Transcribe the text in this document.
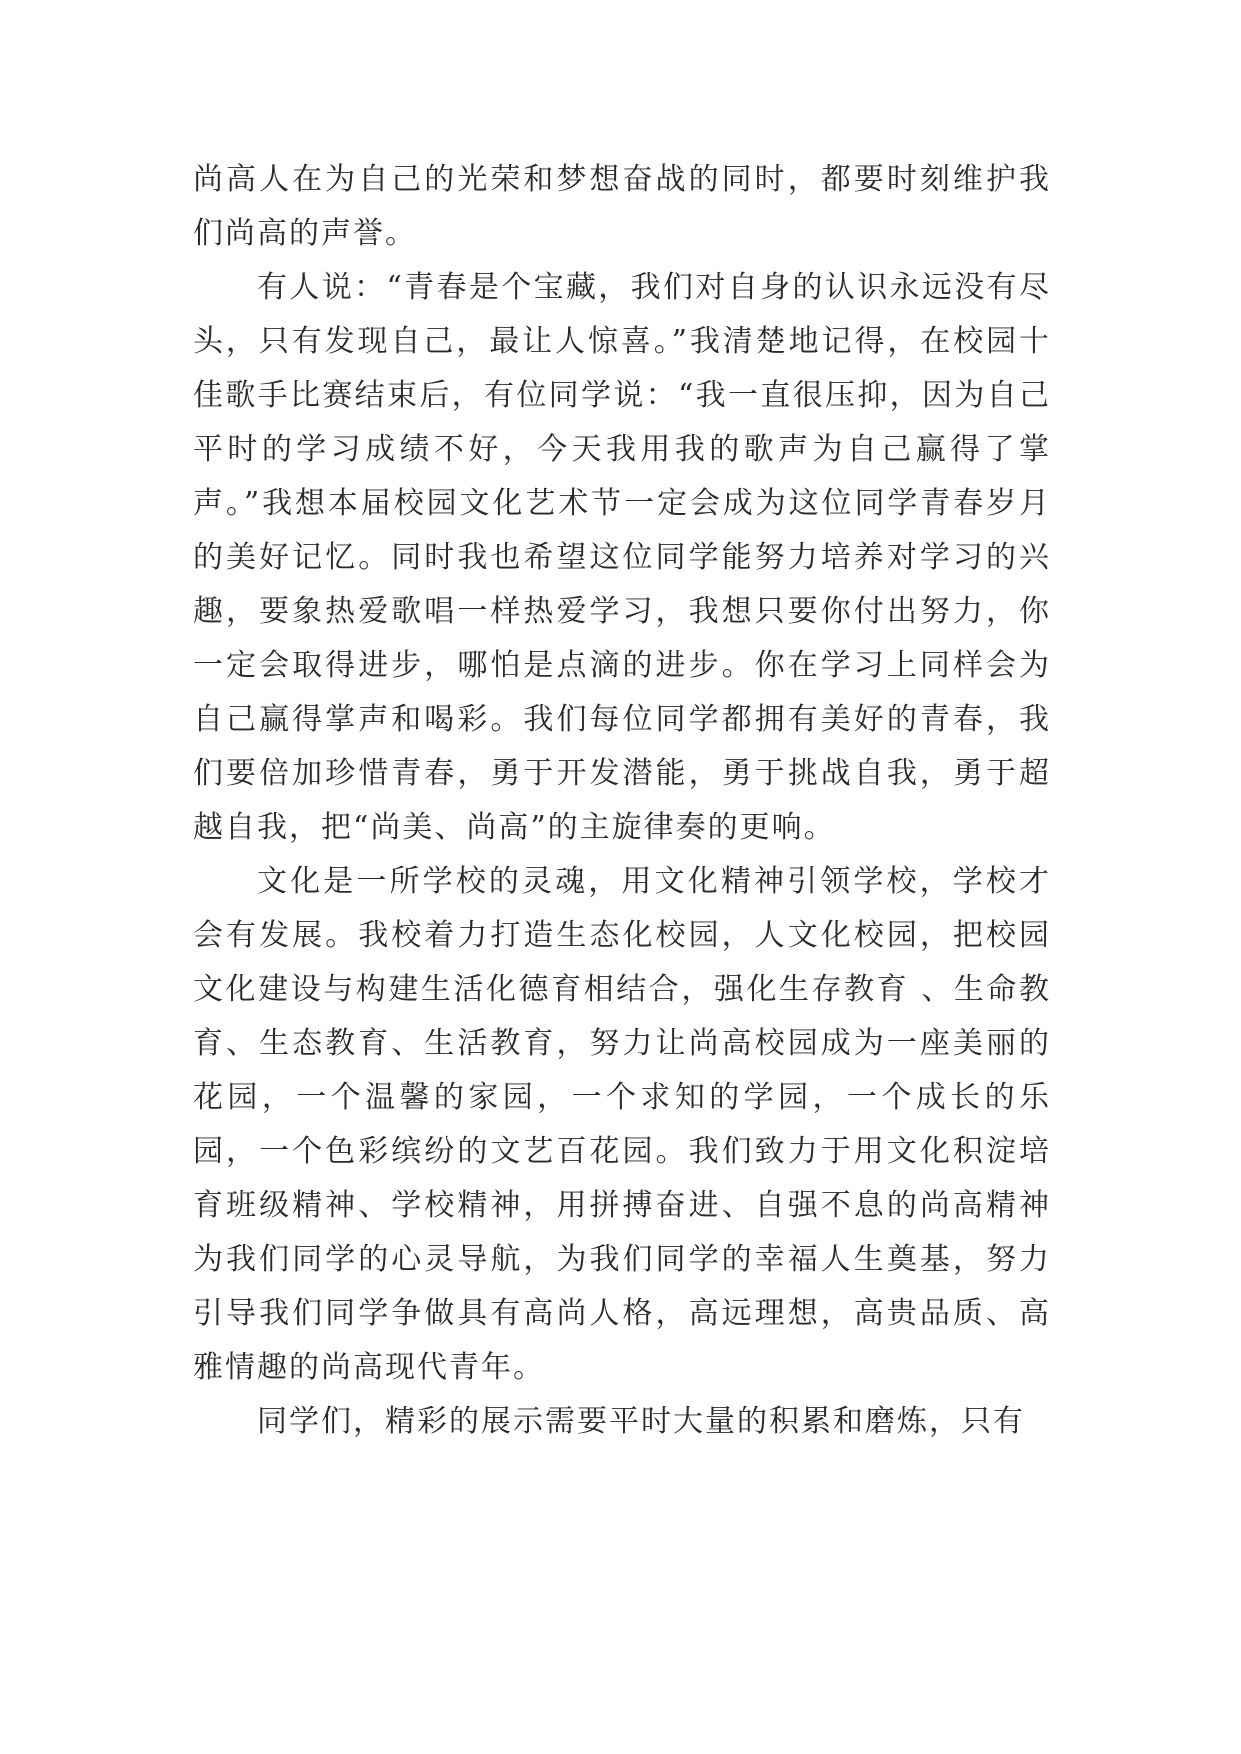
尚高人在为自己的光荣和梦想奋战的同时，都要时刻维护我们尚高的声誉。

有人说：“青春是个宝藏，我们对自身的认识永远没有尽头，只有发现自己，最让人惊喜。”我清楚地记得，在校园十佳歌手比赛结束后，有位同学说：“我一直很压抑，因为自己平时的学习成绩不好，今天我用我的歌声为自己赢得了掌声。”我想本届校园文化艺术节一定会成为这位同学青春岁月的美好记忆。同时我也希望这位同学能努力培养对学习的兴趣，要象热爱歌唱一样热爱学习，我想只要你付出努力，你一定会取得进步，哪怕是点滴的进步。你在学习上同样会为自己赢得掌声和喝彩。我们每位同学都拥有美好的青春，我们要倍加珍惜青春，勇于开发潜能，勇于挑战自我，勇于超越自我，把“尚美、尚高”的主旋律奏的更响。

文化是一所学校的灵魂，用文化精神引领学校，学校才会有发展。我校着力打造生态化校园，人文化校园，把校园文化建设与构建生活化德育相结合，强化生存教育 、生命教育、生态教育、生活教育，努力让尚高校园成为一座美丽的花园，一个温馨的家园，一个求知的学园，一个成长的乐园，一个色彩缤纷的文艺百花园。我们致力于用文化积淀培育班级精神、学校精神，用拼搏奋进、自强不息的尚高精神为我们同学的心灵导航，为我们同学的幸福人生奠基，努力引导我们同学争做具有高尚人格，高远理想，高贵品质、高雅情趣的尚高现代青年。

同学们，精彩的展示需要平时大量的积累和磨炼，只有
